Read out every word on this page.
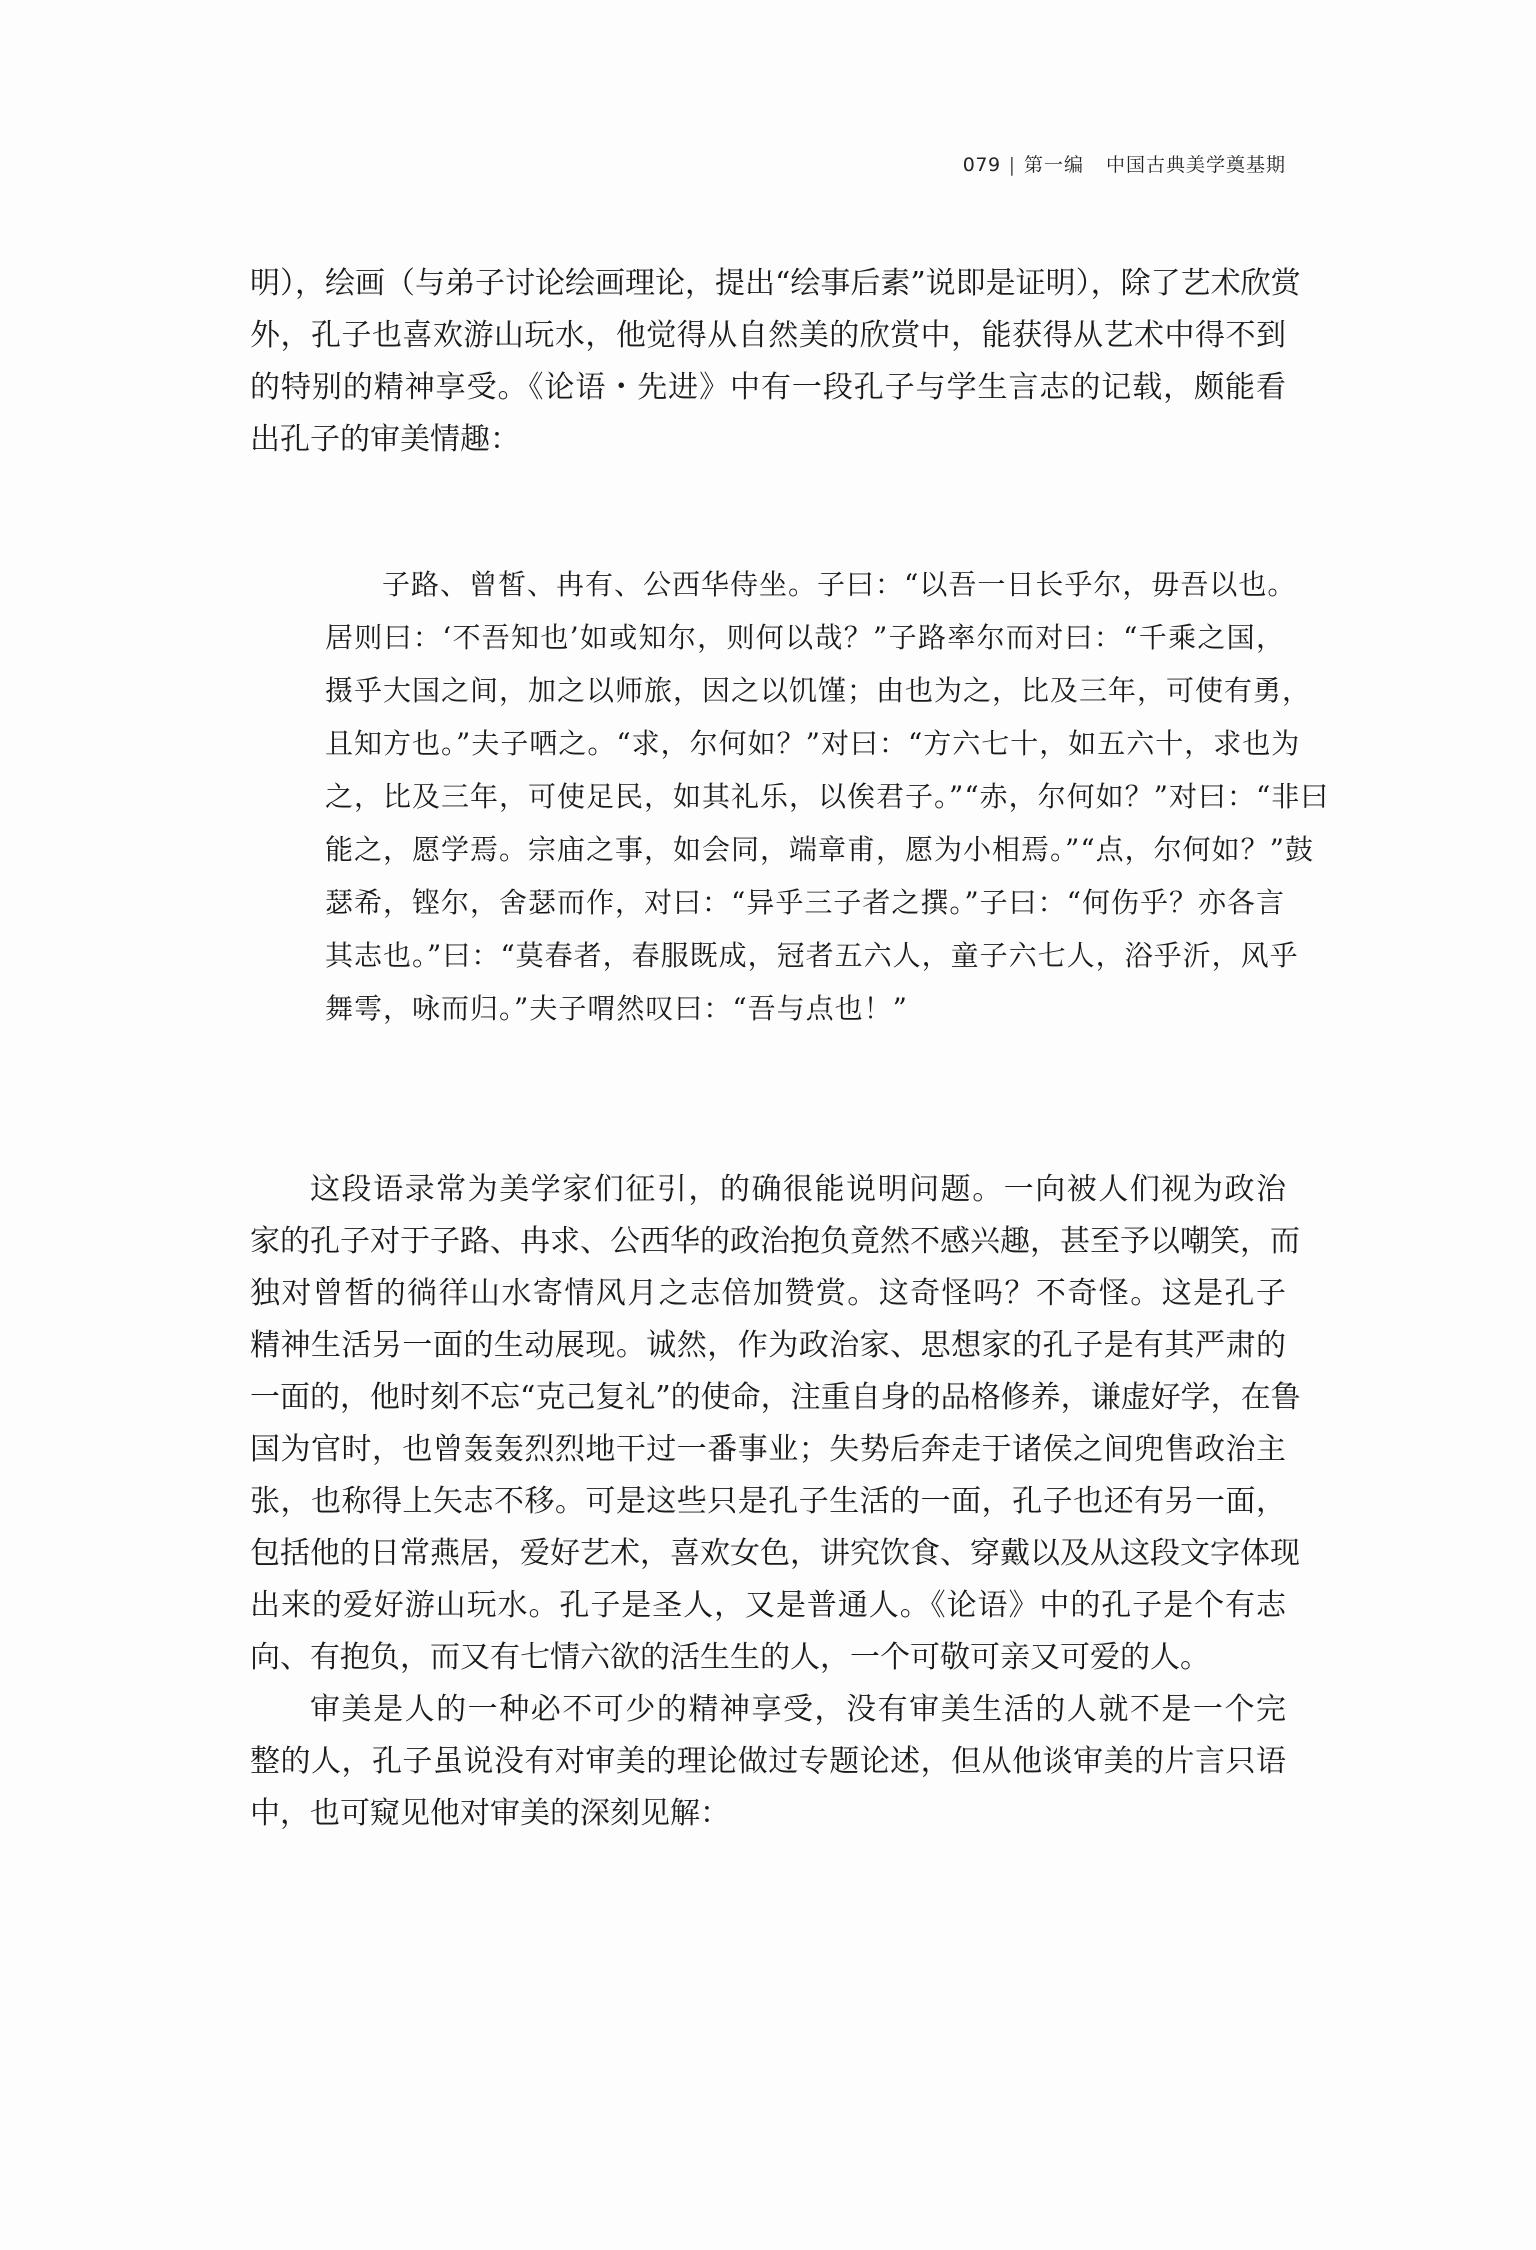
079 | 第一编 中国古典美学奠基期
明），绘画（与弟子讨论绘画理论，提出“绘事后素”说即是证明），除了艺术欣赏
外，孔子也喜欢游山玩水，他觉得从自然美的欣赏中，能获得从艺术中得不到
的特别的精神享受。《论语・先进》中有一段孔子与学生言志的记载，颇能看
出孔子的审美情趣：
子路、曾皙、冉有、公西华侍坐。子曰：“以吾一日长乎尔，毋吾以也。
居则曰：‘不吾知也’如或知尔，则何以哉？”子路率尔而对曰：“千乘之国，
摄乎大国之间，加之以师旅，因之以饥馑；由也为之，比及三年，可使有勇，
且知方也。”夫子哂之。“求，尔何如？”对曰：“方六七十，如五六十，求也为
之，比及三年，可使足民，如其礼乐，以俟君子。”“赤，尔何如？”对曰：“非曰
能之，愿学焉。宗庙之事，如会同，端章甫，愿为小相焉。”“点，尔何如？”鼓
瑟希，铿尔，舍瑟而作，对曰：“异乎三子者之撰。”子曰：“何伤乎？亦各言
其志也。”曰：“莫春者，春服既成，冠者五六人，童子六七人，浴乎沂，风乎
舞雩，咏而归。”夫子喟然叹曰：“吾与点也！”
这段语录常为美学家们征引，的确很能说明问题。一向被人们视为政治
家的孔子对于子路、冉求、公西华的政治抱负竟然不感兴趣，甚至予以嘲笑，而
独对曾皙的徜徉山水寄情风月之志倍加赞赏。这奇怪吗？不奇怪。这是孔子
精神生活另一面的生动展现。诚然，作为政治家、思想家的孔子是有其严肃的
一面的，他时刻不忘“克己复礼”的使命，注重自身的品格修养，谦虚好学，在鲁
国为官时，也曾轰轰烈烈地干过一番事业；失势后奔走于诸侯之间兜售政治主
张，也称得上矢志不移。可是这些只是孔子生活的一面，孔子也还有另一面，
包括他的日常燕居，爱好艺术，喜欢女色，讲究饮食、穿戴以及从这段文字体现
出来的爱好游山玩水。孔子是圣人，又是普通人。《论语》中的孔子是个有志
向、有抱负，而又有七情六欲的活生生的人，一个可敬可亲又可爱的人。
审美是人的一种必不可少的精神享受，没有审美生活的人就不是一个完
整的人，孔子虽说没有对审美的理论做过专题论述，但从他谈审美的片言只语
中，也可窥见他对审美的深刻见解：
